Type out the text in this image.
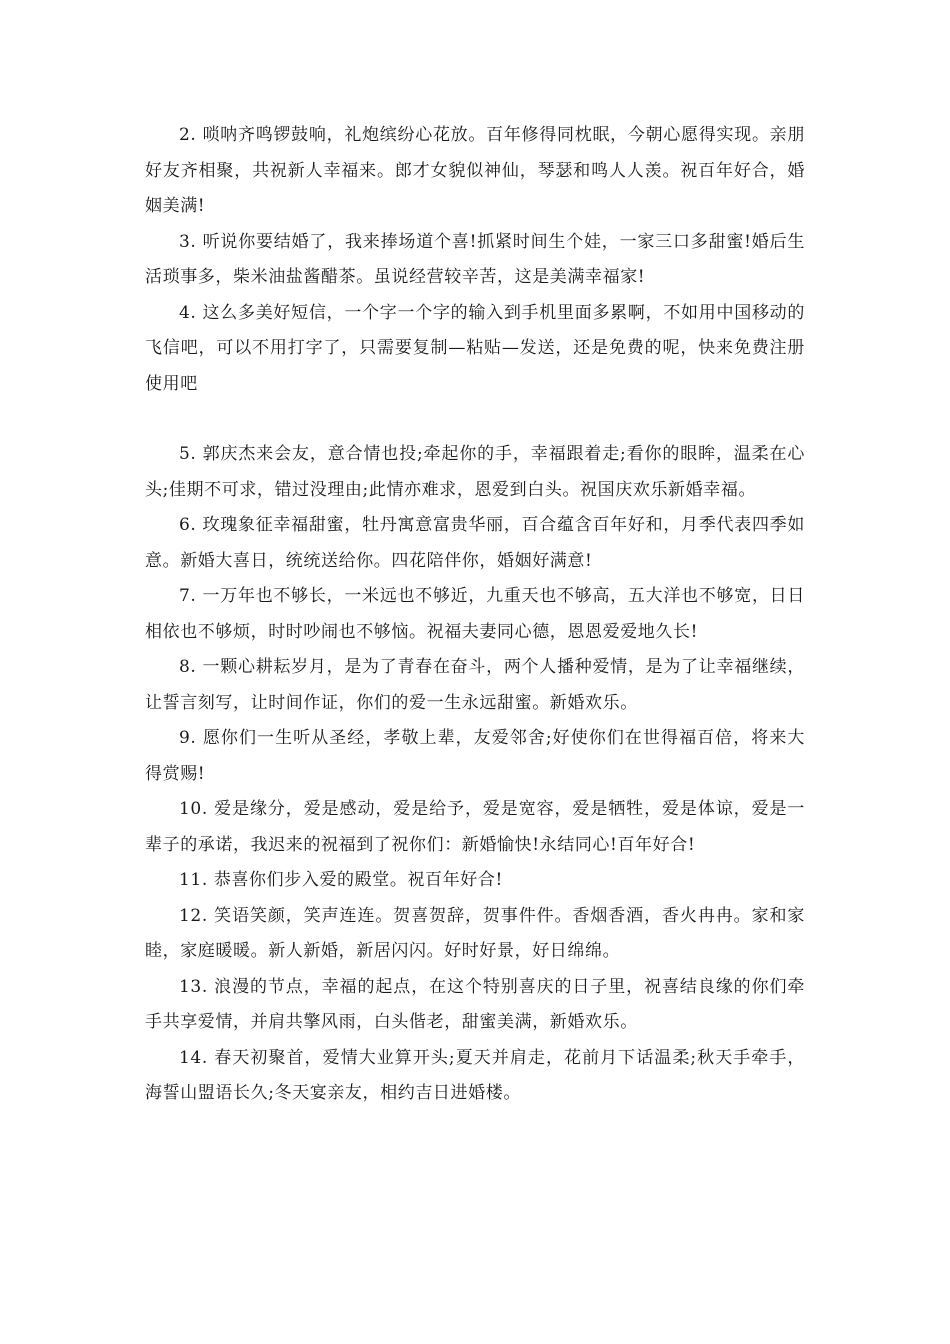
2. 唢呐齐鸣锣鼓响，礼炮缤纷心花放。百年修得同枕眠，今朝心愿得实现。亲朋好友齐相聚，共祝新人幸福来。郎才女貌似神仙，琴瑟和鸣人人羡。祝百年好合，婚姻美满!

3. 听说你要结婚了，我来捧场道个喜!抓紧时间生个娃，一家三口多甜蜜!婚后生活琐事多，柴米油盐酱醋茶。虽说经营较辛苦，这是美满幸福家!

4. 这么多美好短信，一个字一个字的输入到手机里面多累啊，不如用中国移动的飞信吧，可以不用打字了，只需要复制—粘贴—发送，还是免费的呢，快来免费注册使用吧

5. 郭庆杰来会友，意合情也投;牵起你的手，幸福跟着走;看你的眼眸，温柔在心头;佳期不可求，错过没理由;此情亦难求，恩爱到白头。祝国庆欢乐新婚幸福。

6. 玫瑰象征幸福甜蜜，牡丹寓意富贵华丽，百合蕴含百年好和，月季代表四季如意。新婚大喜日，统统送给你。四花陪伴你，婚姻好满意!

7. 一万年也不够长，一米远也不够近，九重天也不够高，五大洋也不够宽，日日相依也不够烦，时时吵闹也不够恼。祝福夫妻同心德，恩恩爱爱地久长!

8. 一颗心耕耘岁月，是为了青春在奋斗，两个人播种爱情，是为了让幸福继续，让誓言刻写，让时间作证，你们的爱一生永远甜蜜。新婚欢乐。

9. 愿你们一生听从圣经，孝敬上辈，友爱邻舍;好使你们在世得福百倍，将来大得赏赐!

10. 爱是缘分，爱是感动，爱是给予，爱是宽容，爱是牺牲，爱是体谅，爱是一辈子的承诺，我迟来的祝福到了祝你们：新婚愉快!永结同心!百年好合!

11. 恭喜你们步入爱的殿堂。祝百年好合!

12. 笑语笑颜，笑声连连。贺喜贺辞，贺事件件。香烟香酒，香火冉冉。家和家睦，家庭暖暖。新人新婚，新居闪闪。好时好景，好日绵绵。

13. 浪漫的节点，幸福的起点，在这个特别喜庆的日子里，祝喜结良缘的你们牵手共享爱情，并肩共擎风雨，白头偕老，甜蜜美满，新婚欢乐。

14. 春天初聚首，爱情大业算开头;夏天并肩走，花前月下话温柔;秋天手牵手，海誓山盟语长久;冬天宴亲友，相约吉日进婚楼。
